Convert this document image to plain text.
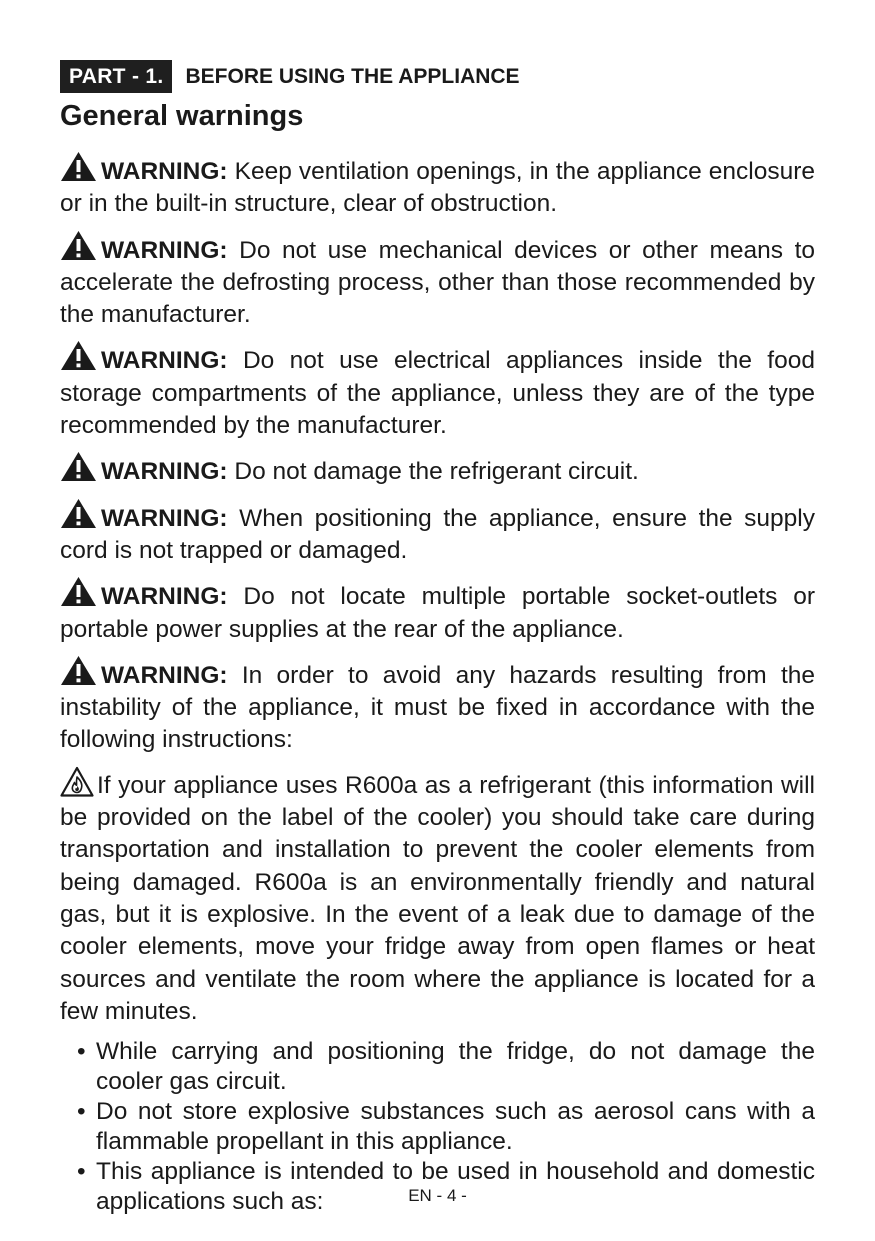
PART - 1.	BEFORE USING THE APPLIANCE
General warnings

WARNING: Keep ventilation openings, in the appliance enclosure or in the built-in structure, clear of obstruction.

WARNING: Do not use mechanical devices or other means to accelerate the defrosting process, other than those recommended by the manufacturer.

WARNING: Do not use electrical appliances inside the food storage compartments of the appliance, unless they are of the type recommended by the manufacturer.

WARNING: Do not damage the refrigerant circuit.

WARNING: When positioning the appliance, ensure the supply cord is not trapped or damaged.

WARNING: Do not locate multiple portable socket-outlets or portable power supplies at the rear of the appliance.

WARNING: In order to avoid any hazards resulting from the instability of the appliance, it must be fixed in accordance with the following instructions:

If your appliance uses R600a as a refrigerant (this information will be provided on the label of the cooler) you should take care during transportation and installation to prevent the cooler elements from being damaged. R600a is an environmentally friendly and natural gas, but it is explosive. In the event of a leak due to damage of the cooler elements, move your fridge away from open flames or heat sources and ventilate the room where the appliance is located for a few minutes.

• While carrying and positioning the fridge, do not damage the cooler gas circuit.
• Do not store explosive substances such as aerosol cans with a flammable propellant in this appliance.
• This appliance is intended to be used in household and domestic applications such as:	EN - 4 -
